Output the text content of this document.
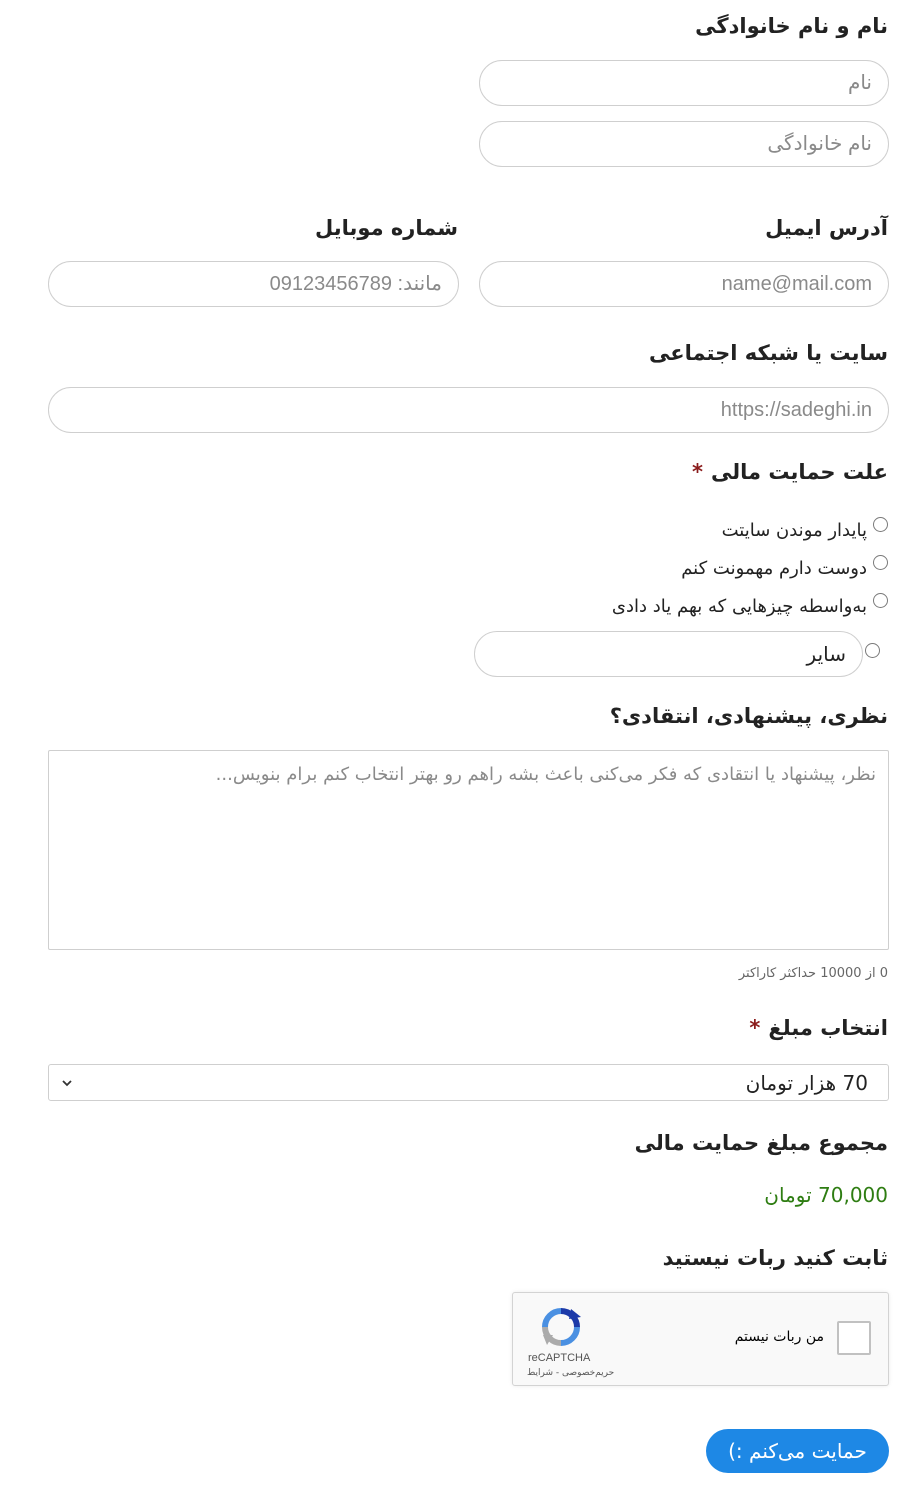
نام و نام خانوادگی
نام
نام خانوادگی
آدرس ایمیل
شماره موبایل
name@mail.com
مانند: 09123456789
سایت یا شبکه اجتماعی
https://sadeghi.in
علت حمایت مالی*
پایدار موندن سایتت
دوست دارم مهمونت کنم
به‌واسطه چیزهایی که بهم یاد دادی

سایر
نظری، پیشنهادی، انتقادی؟
نظر، پیشنهاد یا انتقادی که فکر می‌کنی باعث بشه راهم رو بهتر انتخاب کنم برام بنویس...
0 از 10000 حداکثر کاراکتر
انتخاب مبلغ*
70 هزار تومان
مجموع مبلغ حمایت مالی
70,000 تومان
ثابت کنید ربات نیستید
من ربات نیستم
reCAPTCHA
حریم‌خصوصی - شرایط
حمایت می‌کنم :)
